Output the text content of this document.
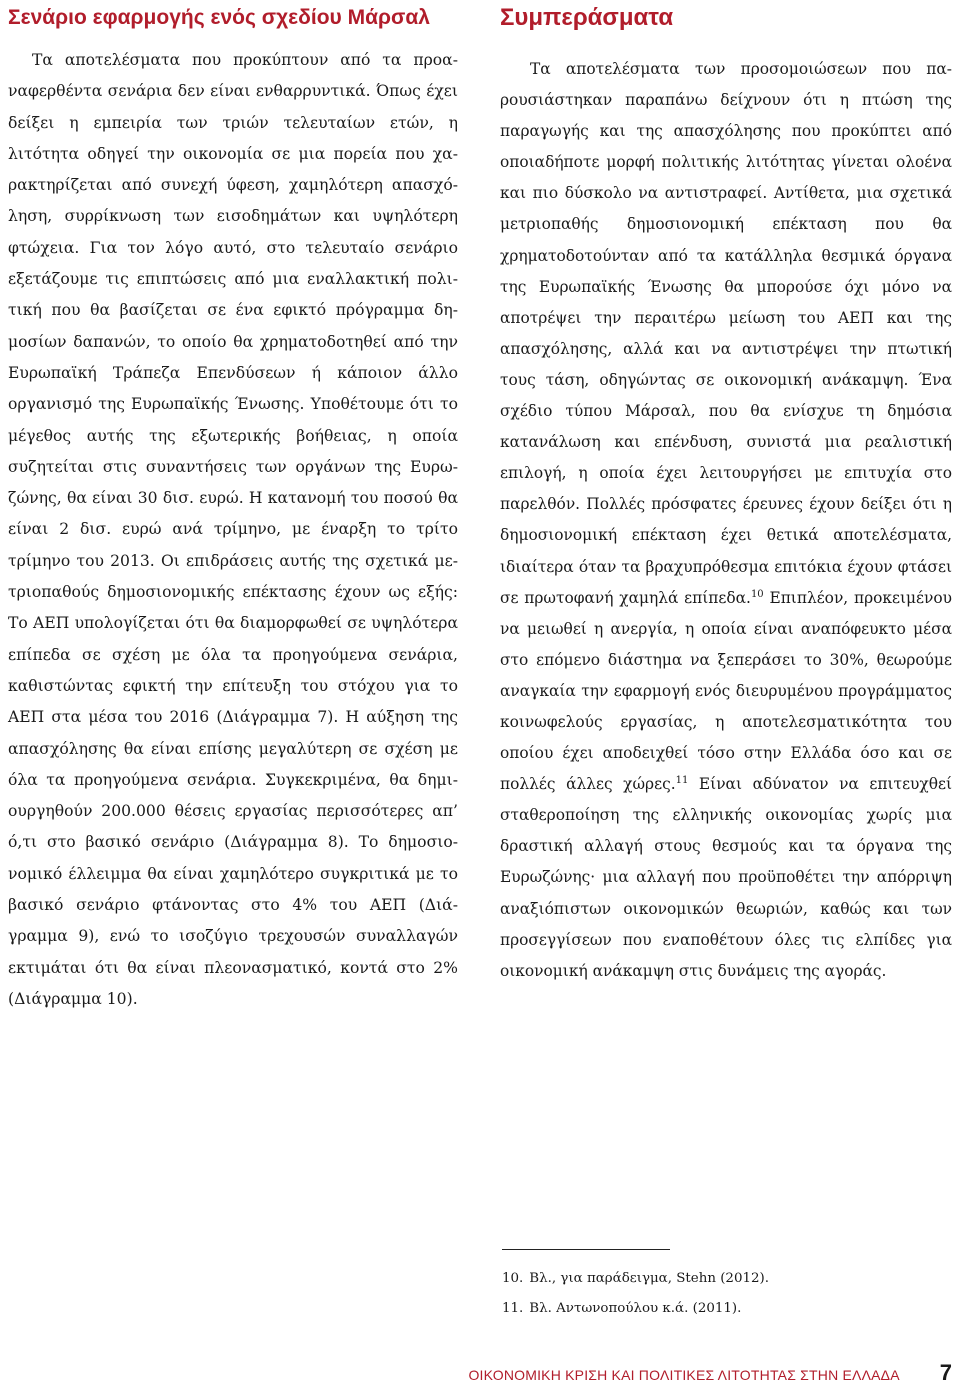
Σενάριο εφαρμογής ενός σχεδίου Μάρσαλ

Τα αποτελέσματα που προκύπτουν από τα προαναφερθέντα σενάρια δεν είναι ενθαρρυντικά. Όπως έχει δείξει η εμπειρία των τριών τελευταίων ετών, η λιτότητα οδηγεί την οικονομία σε μια πορεία που χαρακτηρίζεται από συνεχή ύφεση, χαμηλότερη απασχόληση, συρρίκνωση των εισοδημάτων και υψηλότερη φτώχεια. Για τον λόγο αυτό, στο τελευταίο σενάριο εξετάζουμε τις επιπτώσεις από μια εναλλακτική πολιτική που θα βασίζεται σε ένα εφικτό πρόγραμμα δημοσίων δαπανών, το οποίο θα χρηματοδοτηθεί από την Ευρωπαϊκή Τράπεζα Επενδύσεων ή κάποιον άλλο οργανισμό της Ευρωπαϊκής Ένωσης. Υποθέτουμε ότι το μέγεθος αυτής της εξωτερικής βοήθειας, η οποία συζητείται στις συναντήσεις των οργάνων της Ευρωζώνης, θα είναι 30 δισ. ευρώ. Η κατανομή του ποσού θα είναι 2 δισ. ευρώ ανά τρίμηνο, με έναρξη το τρίτο τρίμηνο του 2013. Οι επιδράσεις αυτής της σχετικά μετριοπαθούς δημοσιονομικής επέκτασης έχουν ως εξής: Το ΑΕΠ υπολογίζεται ότι θα διαμορφωθεί σε υψηλότερα επίπεδα σε σχέση με όλα τα προηγούμενα σενάρια, καθιστώντας εφικτή την επίτευξη του στόχου για το ΑΕΠ στα μέσα του 2016 (Διάγραμμα 7). Η αύξηση της απασχόλησης θα είναι επίσης μεγαλύτερη σε σχέση με όλα τα προηγούμενα σενάρια. Συγκεκριμένα, θα δημιουργηθούν 200.000 θέσεις εργασίας περισσότερες απ’ ό,τι στο βασικό σενάριο (Διάγραμμα 8). Το δημοσιονομικό έλλειμμα θα είναι χαμηλότερο συγκριτικά με το βασικό σενάριο φτάνοντας στο 4% του ΑΕΠ (Διάγραμμα 9), ενώ το ισοζύγιο τρεχουσών συναλλαγών εκτιμάται ότι θα είναι πλεονασματικό, κοντά στο 2% (Διάγραμμα 10).

Συμπεράσματα

Τα αποτελέσματα των προσομοιώσεων που παρουσιάστηκαν παραπάνω δείχνουν ότι η πτώση της παραγωγής και της απασχόλησης που προκύπτει από οποιαδήποτε μορφή πολιτικής λιτότητας γίνεται ολοένα και πιο δύσκολο να αντιστραφεί. Αντίθετα, μια σχετικά μετριοπαθής δημοσιονομική επέκταση που θα χρηματοδοτούνταν από τα κατάλληλα θεσμικά όργανα της Ευρωπαϊκής Ένωσης θα μπορούσε όχι μόνο να αποτρέψει την περαιτέρω μείωση του ΑΕΠ και της απασχόλησης, αλλά και να αντιστρέψει την πτωτική τους τάση, οδηγώντας σε οικονομική ανάκαμψη. Ένα σχέδιο τύπου Μάρσαλ, που θα ενίσχυε τη δημόσια κατανάλωση και επένδυση, συνιστά μια ρεαλιστική επιλογή, η οποία έχει λειτουργήσει με επιτυχία στο παρελθόν. Πολλές πρόσφατες έρευνες έχουν δείξει ότι η δημοσιονομική επέκταση έχει θετικά αποτελέσματα, ιδιαίτερα όταν τα βραχυπρόθεσμα επιτόκια έχουν φτάσει σε πρωτοφανή χαμηλά επίπεδα.$^{10}$ Επιπλέον, προκειμένου να μειωθεί η ανεργία, η οποία είναι αναπόφευκτο μέσα στο επόμενο διάστημα να ξεπεράσει το 30%, θεωρούμε αναγκαία την εφαρμογή ενός διευρυμένου προγράμματος κοινωφελούς εργασίας, η αποτελεσματικότητα του οποίου έχει αποδειχθεί τόσο στην Ελλάδα όσο και σε πολλές άλλες χώρες.$^{11}$ Είναι αδύνατον να επιτευχθεί σταθεροποίηση της ελληνικής οικονομίας χωρίς μια δραστική αλλαγή στους θεσμούς και τα όργανα της Ευρωζώνης· μια αλλαγή που προϋποθέτει την απόρριψη αναξιόπιστων οικονομικών θεωριών, καθώς και των προσεγγίσεων που εναποθέτουν όλες τις ελπίδες για οικονομική ανάκαμψη στις δυνάμεις της αγοράς.

10. Βλ., για παράδειγμα, Stehn (2012).
11. Βλ. Αντωνοπούλου κ.ά. (2011).
ΟΙΚΟΝΟΜΙΚΗ ΚΡΙΣΗ ΚΑΙ ΠΟΛΙΤΙΚΕΣ ΛΙΤΟΤΗΤΑΣ ΣΤΗΝ ΕΛΛΑΔΑ 7
